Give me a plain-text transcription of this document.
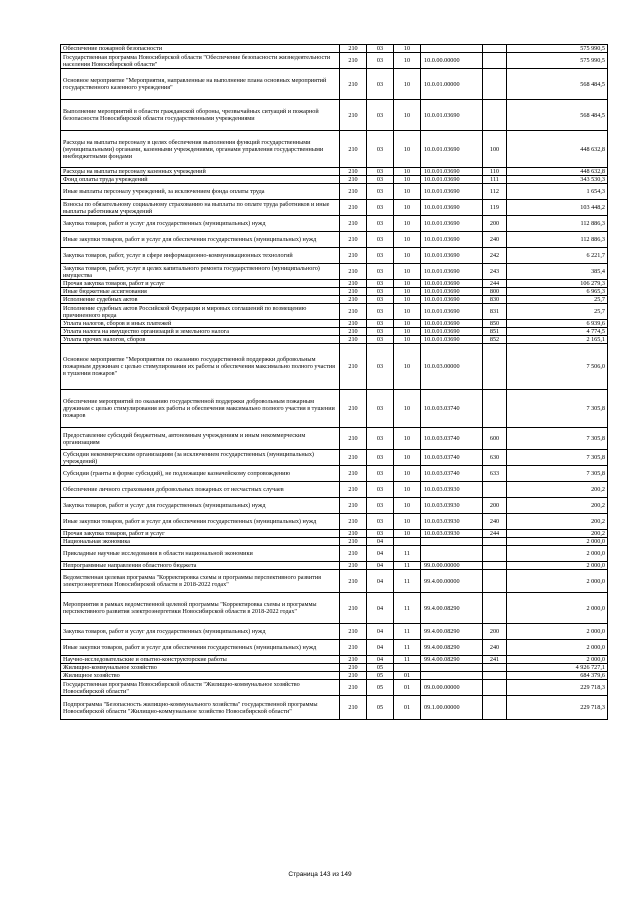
Обеспечение пожарной безопасности	210	03	10			575 990,5
Государственная программа Новосибирской области "Обеспечение безопасности жизнедеятельности населения Новосибирской области"	210	03	10	10.0.00.00000		575 990,5
Основное мероприятие "Мероприятия, направленные на выполнение плана основных мероприятий государственного казенного учреждения"	210	03	10	10.0.01.00000		568 484,5
Выполнение мероприятий в области гражданской обороны, чрезвычайных ситуаций и пожарной безопасности Новосибирской области государственными учреждениями	210	03	10	10.0.01.03690		568 484,5
Расходы на выплаты персоналу в целях обеспечения выполнения функций государственными (муниципальными) органами, казенными учреждениями, органами управления государственными внебюджетными фондами	210	03	10	10.0.01.03690	100	448 632,8
Расходы на выплаты персоналу казенных учреждений	210	03	10	10.0.01.03690	110	448 632,8
Фонд оплаты труда учреждений	210	03	10	10.0.01.03690	111	343 530,3
Иные выплаты персоналу учреждений, за исключением фонда оплаты труда	210	03	10	10.0.01.03690	112	1 654,3
Взносы по обязательному социальному страхованию на выплаты по оплате труда работников и иные выплаты работникам учреждений	210	03	10	10.0.01.03690	119	103 448,2
Закупка товаров, работ и услуг для государственных (муниципальных) нужд	210	03	10	10.0.01.03690	200	112 886,3
Иные закупки товаров, работ и услуг для обеспечения государственных (муниципальных) нужд	210	03	10	10.0.01.03690	240	112 886,3
Закупка товаров, работ, услуг в сфере информационно-коммуникационных технологий	210	03	10	10.0.01.03690	242	6 221,7
Закупка товаров, работ, услуг в целях капитального ремонта государственного (муниципального) имущества	210	03	10	10.0.01.03690	243	385,4
Прочая закупка товаров, работ и услуг	210	03	10	10.0.01.03690	244	106 279,3
Иные бюджетные ассигнования	210	03	10	10.0.01.03690	800	6 965,3
Исполнение судебных актов	210	03	10	10.0.01.03690	830	25,7
Исполнение судебных актов Российской Федерации и мировых соглашений по возмещению причиненного вреда	210	03	10	10.0.01.03690	831	25,7
Уплата налогов, сборов и иных платежей	210	03	10	10.0.01.03690	850	6 939,6
Уплата налога на имущество организаций и земельного налога	210	03	10	10.0.01.03690	851	4 774,5
Уплата прочих налогов, сборов	210	03	10	10.0.01.03690	852	2 165,1
Основное мероприятие "Мероприятия по оказанию государственной поддержки добровольным пожарным дружинам с целью стимулирования их работы и обеспечения максимально полного участия в тушении пожаров"	210	03	10	10.0.03.00000		7 506,0
Обеспечение мероприятий по оказанию государственной поддержки добровольным пожарным дружинам с целью стимулирования их работы и обеспечения максимально полного участия в тушении пожаров	210	03	10	10.0.03.03740		7 305,8
Предоставление субсидий бюджетным, автономным учреждениям и иным некоммерческим организациям	210	03	10	10.0.03.03740	600	7 305,8
Субсидии некоммерческим организациям (за исключением государственных (муниципальных) учреждений)	210	03	10	10.0.03.03740	630	7 305,8
Субсидии (гранты в форме субсидий), не подлежащие казначейскому сопровождению	210	03	10	10.0.03.03740	633	7 305,8
Обеспечение личного страхования добровольных пожарных от несчастных случаев	210	03	10	10.0.03.03930		200,2
Закупка товаров, работ и услуг для государственных (муниципальных) нужд	210	03	10	10.0.03.03930	200	200,2
Иные закупки товаров, работ и услуг для обеспечения государственных (муниципальных) нужд	210	03	10	10.0.03.03930	240	200,2
Прочая закупка товаров, работ и услуг	210	03	10	10.0.03.03930	244	200,2
Национальная экономика	210	04				2 000,0
Прикладные научные исследования в области национальной экономики	210	04	11			2 000,0
Непрограммные направления областного бюджета	210	04	11	99.0.00.00000		2 000,0
Ведомственная целевая программа "Корректировка схемы и программы перспективного развития электроэнергетики Новосибирской области в 2018-2022 годах"	210	04	11	99.4.00.00000		2 000,0
Мероприятия в рамках ведомственной целевой программы "Корректировка схемы и программы перспективного развития электроэнергетики Новосибирской области в 2018-2022 годах"	210	04	11	99.4.00.08290		2 000,0
Закупка товаров, работ и услуг для государственных (муниципальных) нужд	210	04	11	99.4.00.08290	200	2 000,0
Иные закупки товаров, работ и услуг для обеспечения государственных (муниципальных) нужд	210	04	11	99.4.00.08290	240	2 000,0
Научно-исследовательские и опытно-конструкторские работы	210	04	11	99.4.00.08290	241	2 000,0
Жилищно-коммунальное хозяйство	210	05				4 926 727,1
Жилищное хозяйство	210	05	01			684 379,6
Государственная программа Новосибирской области "Жилищно-коммунальное хозяйство Новосибирской области"	210	05	01	09.0.00.00000		229 718,3
Подпрограмма "Безопасность жилищно-коммунального хозяйства" государственной программы Новосибирской области "Жилищно-коммунальное хозяйство Новосибирской области"	210	05	01	09.1.00.00000		229 718,3
Страница 143 из 149
